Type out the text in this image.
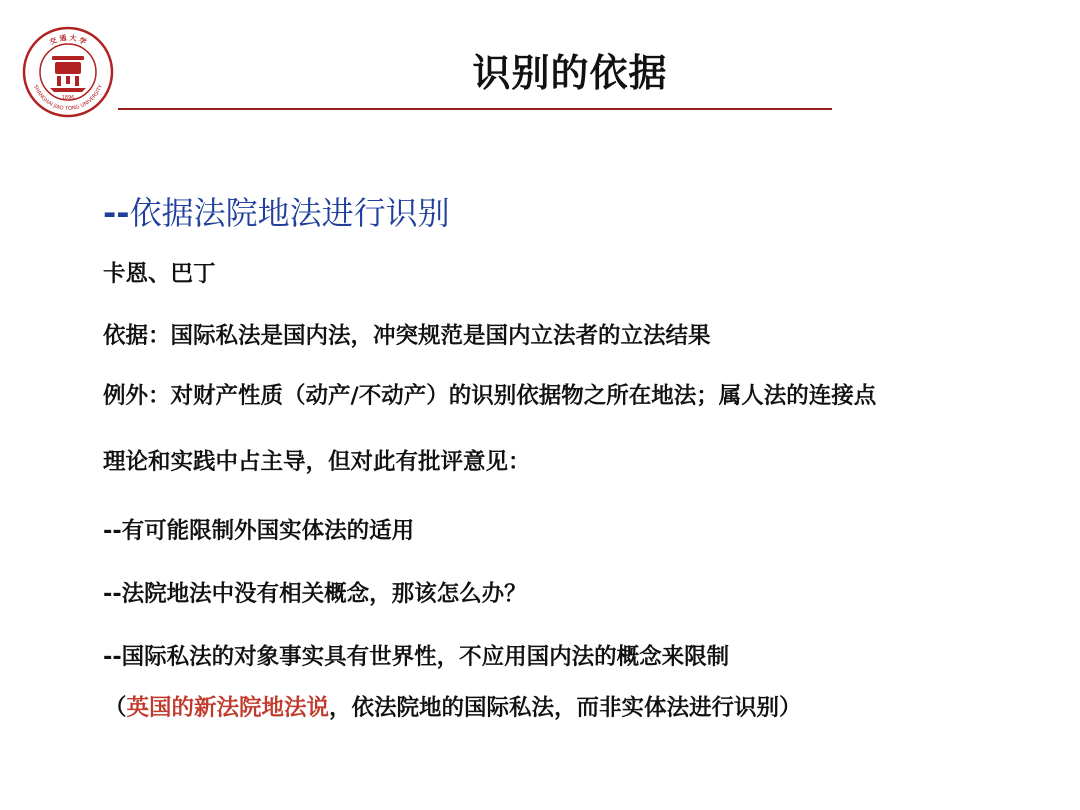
交 通 大 学
SHANGHAI JIAO TONG UNIVERSITY
1896
识别的依据
--依据法院地法进行识别
卡恩、巴丁
依据：国际私法是国内法，冲突规范是国内立法者的立法结果
例外：对财产性质（动产/不动产）的识别依据物之所在地法；属人法的连接点
理论和实践中占主导，但对此有批评意见：
--有可能限制外国实体法的适用
--法院地法中没有相关概念，那该怎么办？
--国际私法的对象事实具有世界性，不应用国内法的概念来限制
（英国的新法院地法说，依法院地的国际私法，而非实体法进行识别）
